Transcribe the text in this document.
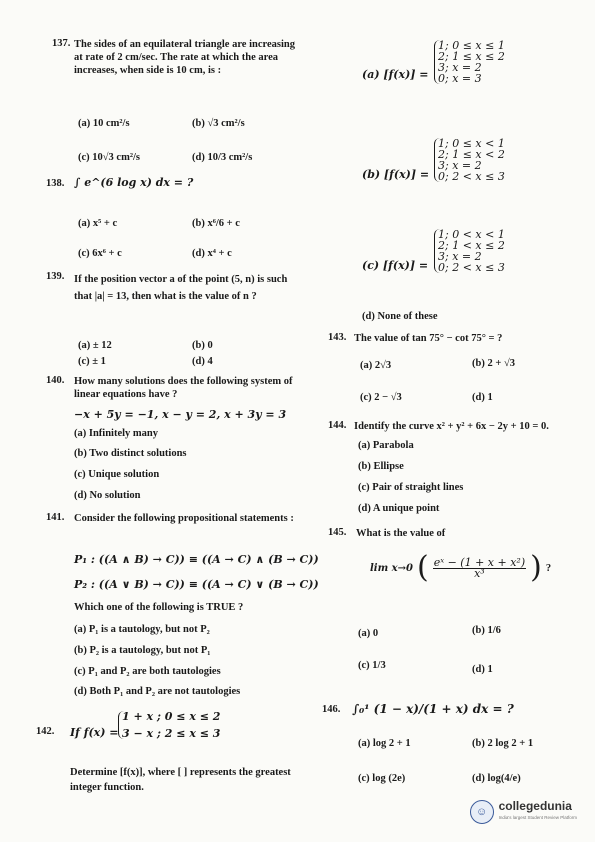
137. The sides of an equilateral triangle are increasing at rate of 2 cm/sec. The rate at which the area increases, when side is 10 cm, is :
(a) 10 cm²/s	(b) √3 cm²/s
(c) 10√3 cm²/s	(d) 10/3 cm²/s
138. ∫ e^(6 log x) dx = ?
(a) x⁵ + c	(b) x⁶/6 + c
(c) 6x⁶ + c	(d) x⁴ + c
139. If the position vector a of the point (5, n) is such that |a| = 13, then what is the value of n ?
(a) ± 12	(b) 0
(c) ± 1	(d) 4
140. How many solutions does the following system of linear equations have ?
−x + 5y = −1, x − y = 2, x + 3y = 3
(a) Infinitely many
(b) Two distinct solutions
(c) Unique solution
(d) No solution
141. Consider the following propositional statements :
P₁ : ((A ∧ B) → C)) ≡ ((A → C) ∧ (B → C))
P₂ : ((A ∨ B) → C)) ≡ ((A → C) ∨ (B → C))
Which one of the following is TRUE ?
(a) P₁ is a tautology, but not P₂
(b) P₂ is a tautology, but not P₁
(c) P₁ and P₂ are both tautologies
(d) Both P₁ and P₂ are not tautologies
142. If f(x) =
1 + x ; 0 ≤ x ≤ 2
3 − x ; 2 ≤ x ≤ 3
Determine [f(x)], where [ ] represents the greatest integer function.
(a) [f(x)] =
1; 0 ≤ x ≤ 1
2; 1 ≤ x ≤ 2
3; x = 2
0; x = 3
(b) [f(x)] =
1; 0 ≤ x < 1
2; 1 ≤ x < 2
3; x = 2
0; 2 < x ≤ 3
(c) [f(x)] =
1; 0 < x < 1
2; 1 < x ≤ 2
3; x = 2
0; 2 < x ≤ 3
(d) None of these
143. The value of tan 75° − cot 75° = ?
(a) 2√3	(b) 2 + √3
(c) 2 − √3	(d) 1
144. Identify the curve x² + y² + 6x − 2y + 10 = 0.
(a) Parabola
(b) Ellipse
(c) Pair of straight lines
(d) A unique point
145. What is the value of
lim x→0 ( $\frac{\text{eˣ − (1 + x + x²)}}{\text{x³}}$ ) ?
(a) 0	(b) 1/6
(c) 1/3	(d) 1
146. ∫₀¹ (1 − x)/(1 + x) dx = ?
(a) log 2 + 1	(b) 2 log 2 + 1
(c) log (2e)	(d) log(4/e)
☺ collegedunia
India's largest Student Review Platform
